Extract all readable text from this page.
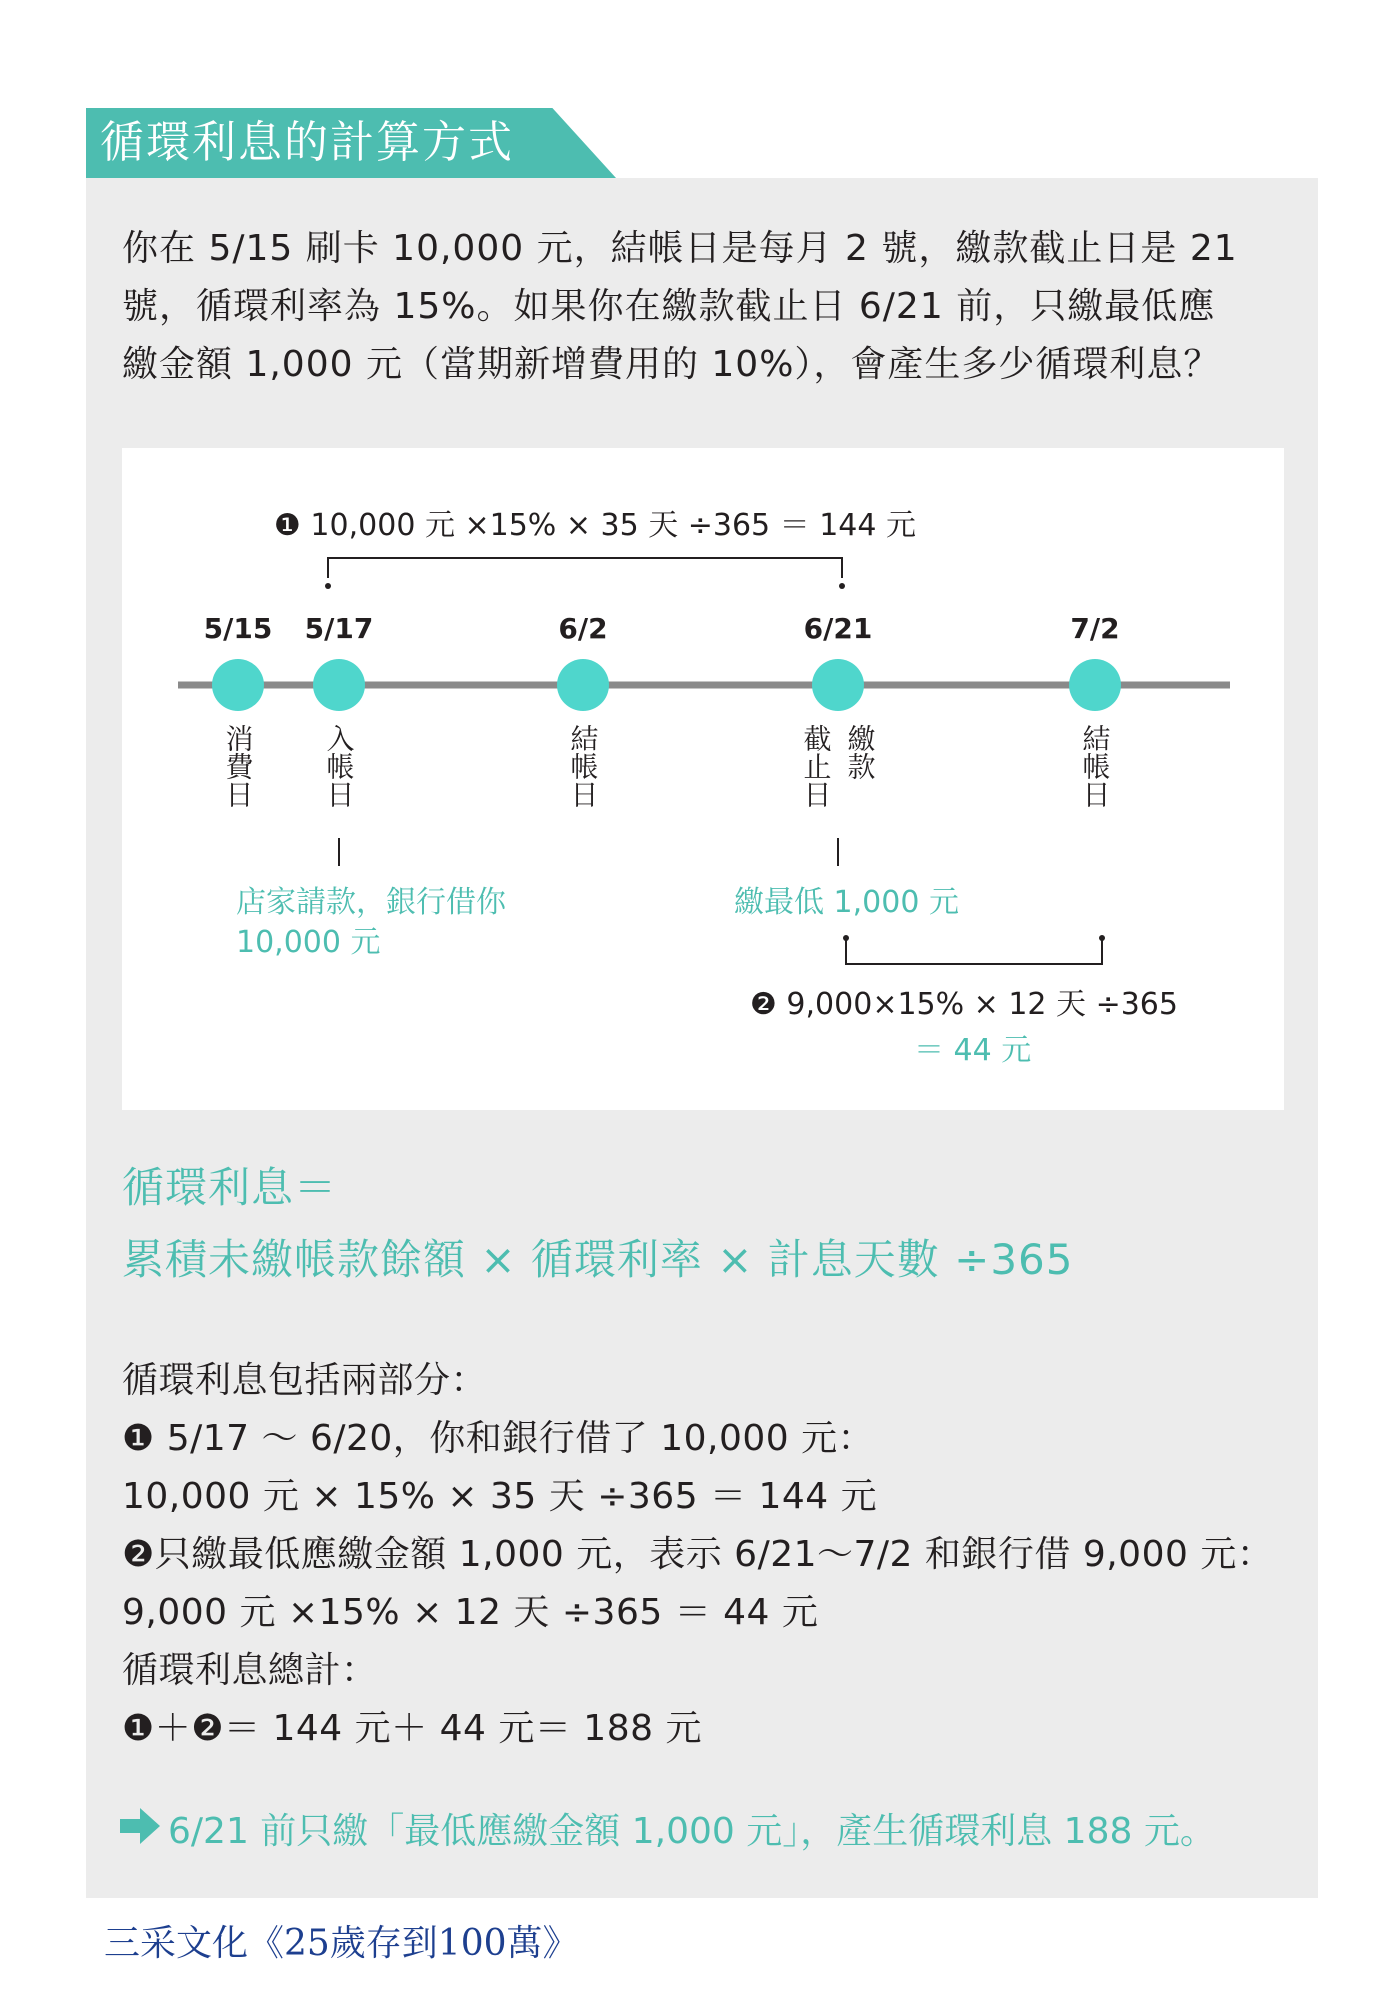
循環利息的計算方式

你在 5/15 刷卡 10,000 元，結帳日是每月 2 號，繳款截止日是 21

號，循環利率為 15%。如果你在繳款截止日 6/21 前，只繳最低應

繳金額 1,000 元（當期新增費用的 10%），會產生多少循環利息？

❶ 10,000 元 ×15% × 35 天 ÷365 ＝ 144 元
5/15 5/17	6/2	6/21	7/2
消費日 入帳日	結帳日	截止日 繳款	結帳日
店家請款，銀行借你
10,000 元
繳最低 1,000 元
❷ 9,000×15% × 12 天 ÷365
＝ 44 元

循環利息＝

累積未繳帳款餘額 × 循環利率 × 計息天數 ÷365

循環利息包括兩部分：

❶ 5/17 ～ 6/20，你和銀行借了 10,000 元：

10,000 元 × 15% × 35 天 ÷365 ＝ 144 元

❷只繳最低應繳金額 1,000 元，表示 6/21～7/2 和銀行借 9,000 元：

9,000 元 ×15% × 12 天 ÷365 ＝ 44 元

循環利息總計：

❶＋❷＝ 144 元＋ 44 元＝ 188 元

6/21 前只繳「最低應繳金額 1,000 元」，產生循環利息 188 元。
三采文化《25歲存到100萬》
